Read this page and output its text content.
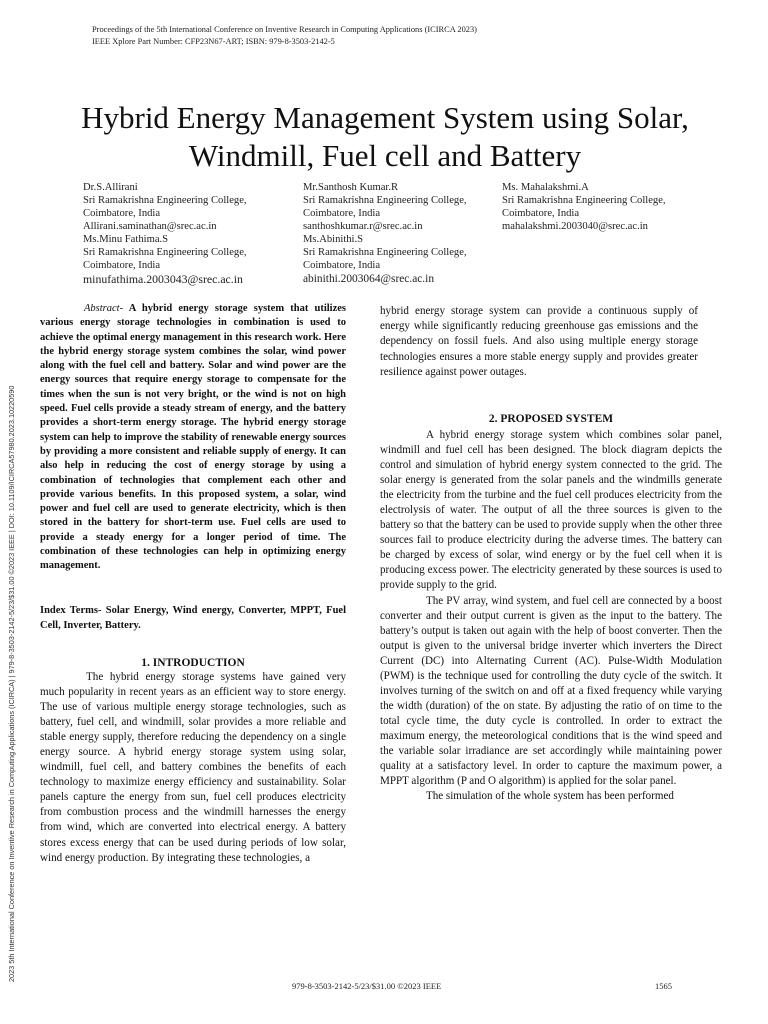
Proceedings of the 5th International Conference on Inventive Research in Computing Applications (ICIRCA 2023)
IEEE Xplore Part Number: CFP23N67-ART; ISBN: 979-8-3503-2142-5
2023 5th International Conference on Inventive Research in Computing Applications (ICIRCA) | 979-8-3503-2142-5/23/$31.00 ©2023 IEEE | DOI: 10.1109/ICIRCA57980.2023.10220590
Hybrid Energy Management System using Solar,
Windmill, Fuel cell and Battery
Dr.S.Allirani
Sri Ramakrishna Engineering College,
Coimbatore, India
Allirani.saminathan@srec.ac.in
Mr.Santhosh Kumar.R
Sri Ramakrishna Engineering College,
Coimbatore, India
santhoshkumar.r@srec.ac.in
Ms. Mahalakshmi.A
Sri Ramakrishna Engineering College,
Coimbatore, India
mahalakshmi.2003040@srec.ac.in
Ms.Minu Fathima.S
Sri Ramakrishna Engineering College,
Coimbatore, India
minufathima.2003043@srec.ac.in
Ms.Abinithi.S
Sri Ramakrishna Engineering College,
Coimbatore, India
abinithi.2003064@srec.ac.in
Abstract- A hybrid energy storage system that utilizes various energy storage technologies in combination is used to achieve the optimal energy management in this research work. Here the hybrid energy storage system combines the solar, wind power along with the fuel cell and battery. Solar and wind power are the energy sources that require energy storage to compensate for the times when the sun is not very bright, or the wind is not on high speed. Fuel cells provide a steady stream of energy, and the battery provides a short-term energy storage. The hybrid energy storage system can help to improve the stability of renewable energy sources by providing a more consistent and reliable supply of energy. It can also help in reducing the cost of energy storage by using a combination of technologies that complement each other and provide various benefits. In this proposed system, a solar, wind power and fuel cell are used to generate electricity, which is then stored in the battery for short-term use. Fuel cells are used to provide a steady energy for a longer period of time. The combination of these technologies can help in optimizing energy management.
Index Terms- Solar Energy, Wind energy, Converter, MPPT, Fuel Cell, Inverter, Battery.
1. INTRODUCTION

The hybrid energy storage systems have gained very much popularity in recent years as an efficient way to store energy. The use of various multiple energy storage technologies, such as battery, fuel cell, and windmill, solar provides a more reliable and stable energy supply, therefore reducing the dependency on a single energy source. A hybrid energy storage system using solar, windmill, fuel cell, and battery combines the benefits of each technology to maximize energy efficiency and sustainability. Solar panels capture the energy from sun, fuel cell produces electricity from combustion process and the windmill harnesses the energy from wind, which are converted into electrical energy. A battery stores excess energy that can be used during periods of low solar, wind energy production. By integrating these technologies, a

hybrid energy storage system can provide a continuous supply of energy while significantly reducing greenhouse gas emissions and the dependency on fossil fuels. And also using multiple energy storage technologies ensures a more stable energy supply and provides greater resilience against power outages.

2. PROPOSED SYSTEM

A hybrid energy storage system which combines solar panel, windmill and fuel cell has been designed. The block diagram depicts the control and simulation of hybrid energy system connected to the grid. The solar energy is generated from the solar panels and the windmills generate the electricity from the turbine and the fuel cell produces electricity from the electrolysis of water. The output of all the three sources is given to the battery so that the battery can be used to provide supply when the other three sources fail to produce electricity during the adverse times. The battery can be charged by excess of solar, wind energy or by the fuel cell when it is producing excess power. The electricity generated by these sources is used to provide supply to the grid.

The PV array, wind system, and fuel cell are connected by a boost converter and their output current is given as the input to the battery. The battery’s output is taken out again with the help of boost converter. Then the output is given to the universal bridge inverter which inverters the Direct Current (DC) into Alternating Current (AC). Pulse-Width Modulation (PWM) is the technique used for controlling the duty cycle of the switch. It involves turning of the switch on and off at a fixed frequency while varying the width (duration) of the on state. By adjusting the ratio of on time to the total cycle time, the duty cycle is controlled. In order to extract the maximum energy, the meteorological conditions that is the wind speed and the variable solar irradiance are set accordingly while maintaining power quality at a satisfactory level. In order to capture the maximum power, a MPPT algorithm (P and O algorithm) is applied for the solar panel.

The simulation of the whole system has been performed

979-8-3503-2142-5/23/$31.00 ©2023 IEEE	1565
